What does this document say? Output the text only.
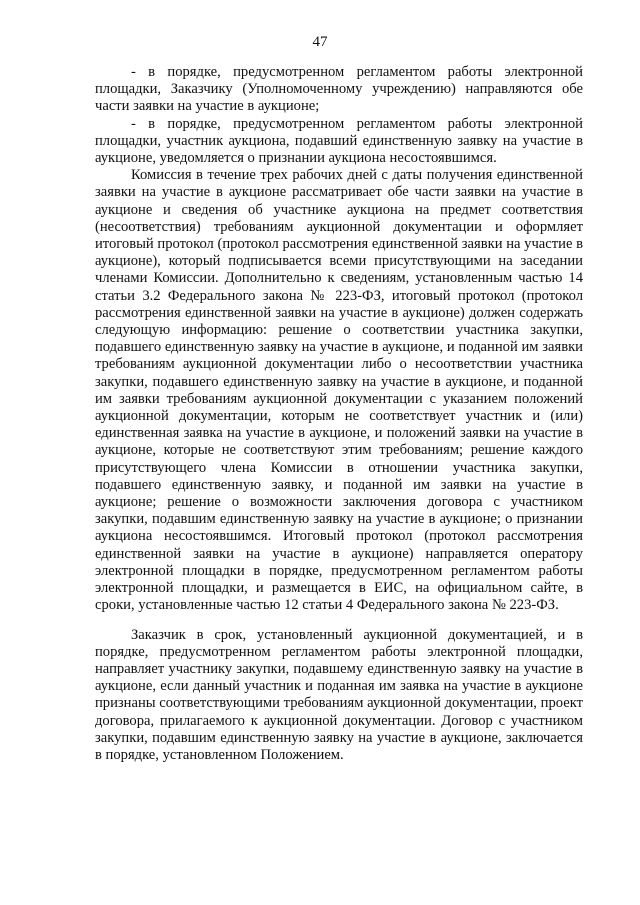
47

- в порядке, предусмотренном регламентом работы электронной площадки, Заказчику (Уполномоченному учреждению) направляются обе части заявки на участие в аукционе;

- в порядке, предусмотренном регламентом работы электронной площадки, участник аукциона, подавший единственную заявку на участие в аукционе, уведомляется о признании аукциона несостоявшимся.

Комиссия в течение трех рабочих дней с даты получения единственной заявки на участие в аукционе рассматривает обе части заявки на участие в аукционе и сведения об участнике аукциона на предмет соответствия (несоответствия) требованиям аукционной документации и оформляет итоговый протокол (протокол рассмотрения единственной заявки на участие в аукционе), который подписывается всеми присутствующими на заседании членами Комиссии. Дополнительно к сведениям, установленным частью 14 статьи 3.2 Федерального закона № 223-ФЗ, итоговый протокол (протокол рассмотрения единственной заявки на участие в аукционе) должен содержать следующую информацию: решение о соответствии участника закупки, подавшего единственную заявку на участие в аукционе, и поданной им заявки требованиям аукционной документации либо о несоответствии участника закупки, подавшего единственную заявку на участие в аукционе, и поданной им заявки требованиям аукционной документации с указанием положений аукционной документации, которым не соответствует участник и (или) единственная заявка на участие в аукционе, и положений заявки на участие в аукционе, которые не соответствуют этим требованиям; решение каждого присутствующего члена Комиссии в отношении участника закупки, подавшего единственную заявку, и поданной им заявки на участие в аукционе; решение о возможности заключения договора с участником закупки, подавшим единственную заявку на участие в аукционе; о признании аукциона несостоявшимся. Итоговый протокол (протокол рассмотрения единственной заявки на участие в аукционе) направляется оператору электронной площадки в порядке, предусмотренном регламентом работы электронной площадки, и размещается в ЕИС, на официальном сайте, в сроки, установленные частью 12 статьи 4 Федерального закона № 223-ФЗ.

Заказчик в срок, установленный аукционной документацией, и в порядке, предусмотренном регламентом работы электронной площадки, направляет участнику закупки, подавшему единственную заявку на участие в аукционе, если данный участник и поданная им заявка на участие в аукционе признаны соответствующими требованиям аукционной документации, проект договора, прилагаемого к аукционной документации. Договор с участником закупки, подавшим единственную заявку на участие в аукционе, заключается в порядке, установленном Положением.
